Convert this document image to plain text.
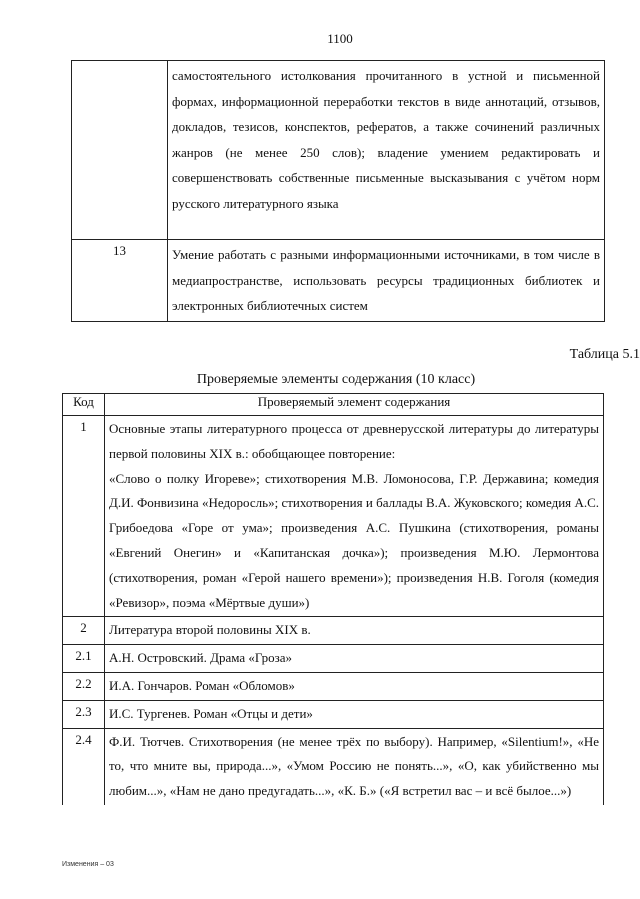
1100
	самостоятельного истолкования прочитанного в устной и письменной формах, информационной переработки текстов в виде аннотаций, отзывов, докладов, тезисов, конспектов, рефератов, а также сочинений различных жанров (не менее 250 слов); владение умением редактировать и совершенствовать собственные письменные высказывания с учётом норм русского литературного языка
13	Умение работать с разными информационными источниками, в том числе в медиапространстве, использовать ресурсы традиционных библиотек и электронных библиотечных систем
Таблица 5.1
Проверяемые элементы содержания (10 класс)
Код	Проверяемый элемент содержания
1	Основные этапы литературного процесса от древнерусской литературы до литературы первой половины XIX в.: обобщающее повторение:
«Слово о полку Игореве»; стихотворения М.В. Ломоносова, Г.Р. Державина; комедия Д.И. Фонвизина «Недоросль»; стихотворения и баллады В.А. Жуковского; комедия А.С. Грибоедова «Горе от ума»; произведения А.С. Пушкина (стихотворения, романы «Евгений Онегин» и «Капитанская дочка»); произведения М.Ю. Лермонтова (стихотворения, роман «Герой нашего времени»); произведения Н.В. Гоголя (комедия «Ревизор», поэма «Мёртвые души»)

2	Литература второй половины XIX в.
2.1	А.Н. Островский. Драма «Гроза»
2.2	И.А. Гончаров. Роман «Обломов»
2.3	И.С. Тургенев. Роман «Отцы и дети»
2.4	Ф.И. Тютчев. Стихотворения (не менее трёх по выбору). Например, «Silentium!», «Не то, что мните вы, природа...», «Умом Россию не понять...», «О, как убийственно мы любим...», «Нам не дано предугадать...», «К. Б.» («Я встретил вас – и всё былое...»)
Изменения – 03
